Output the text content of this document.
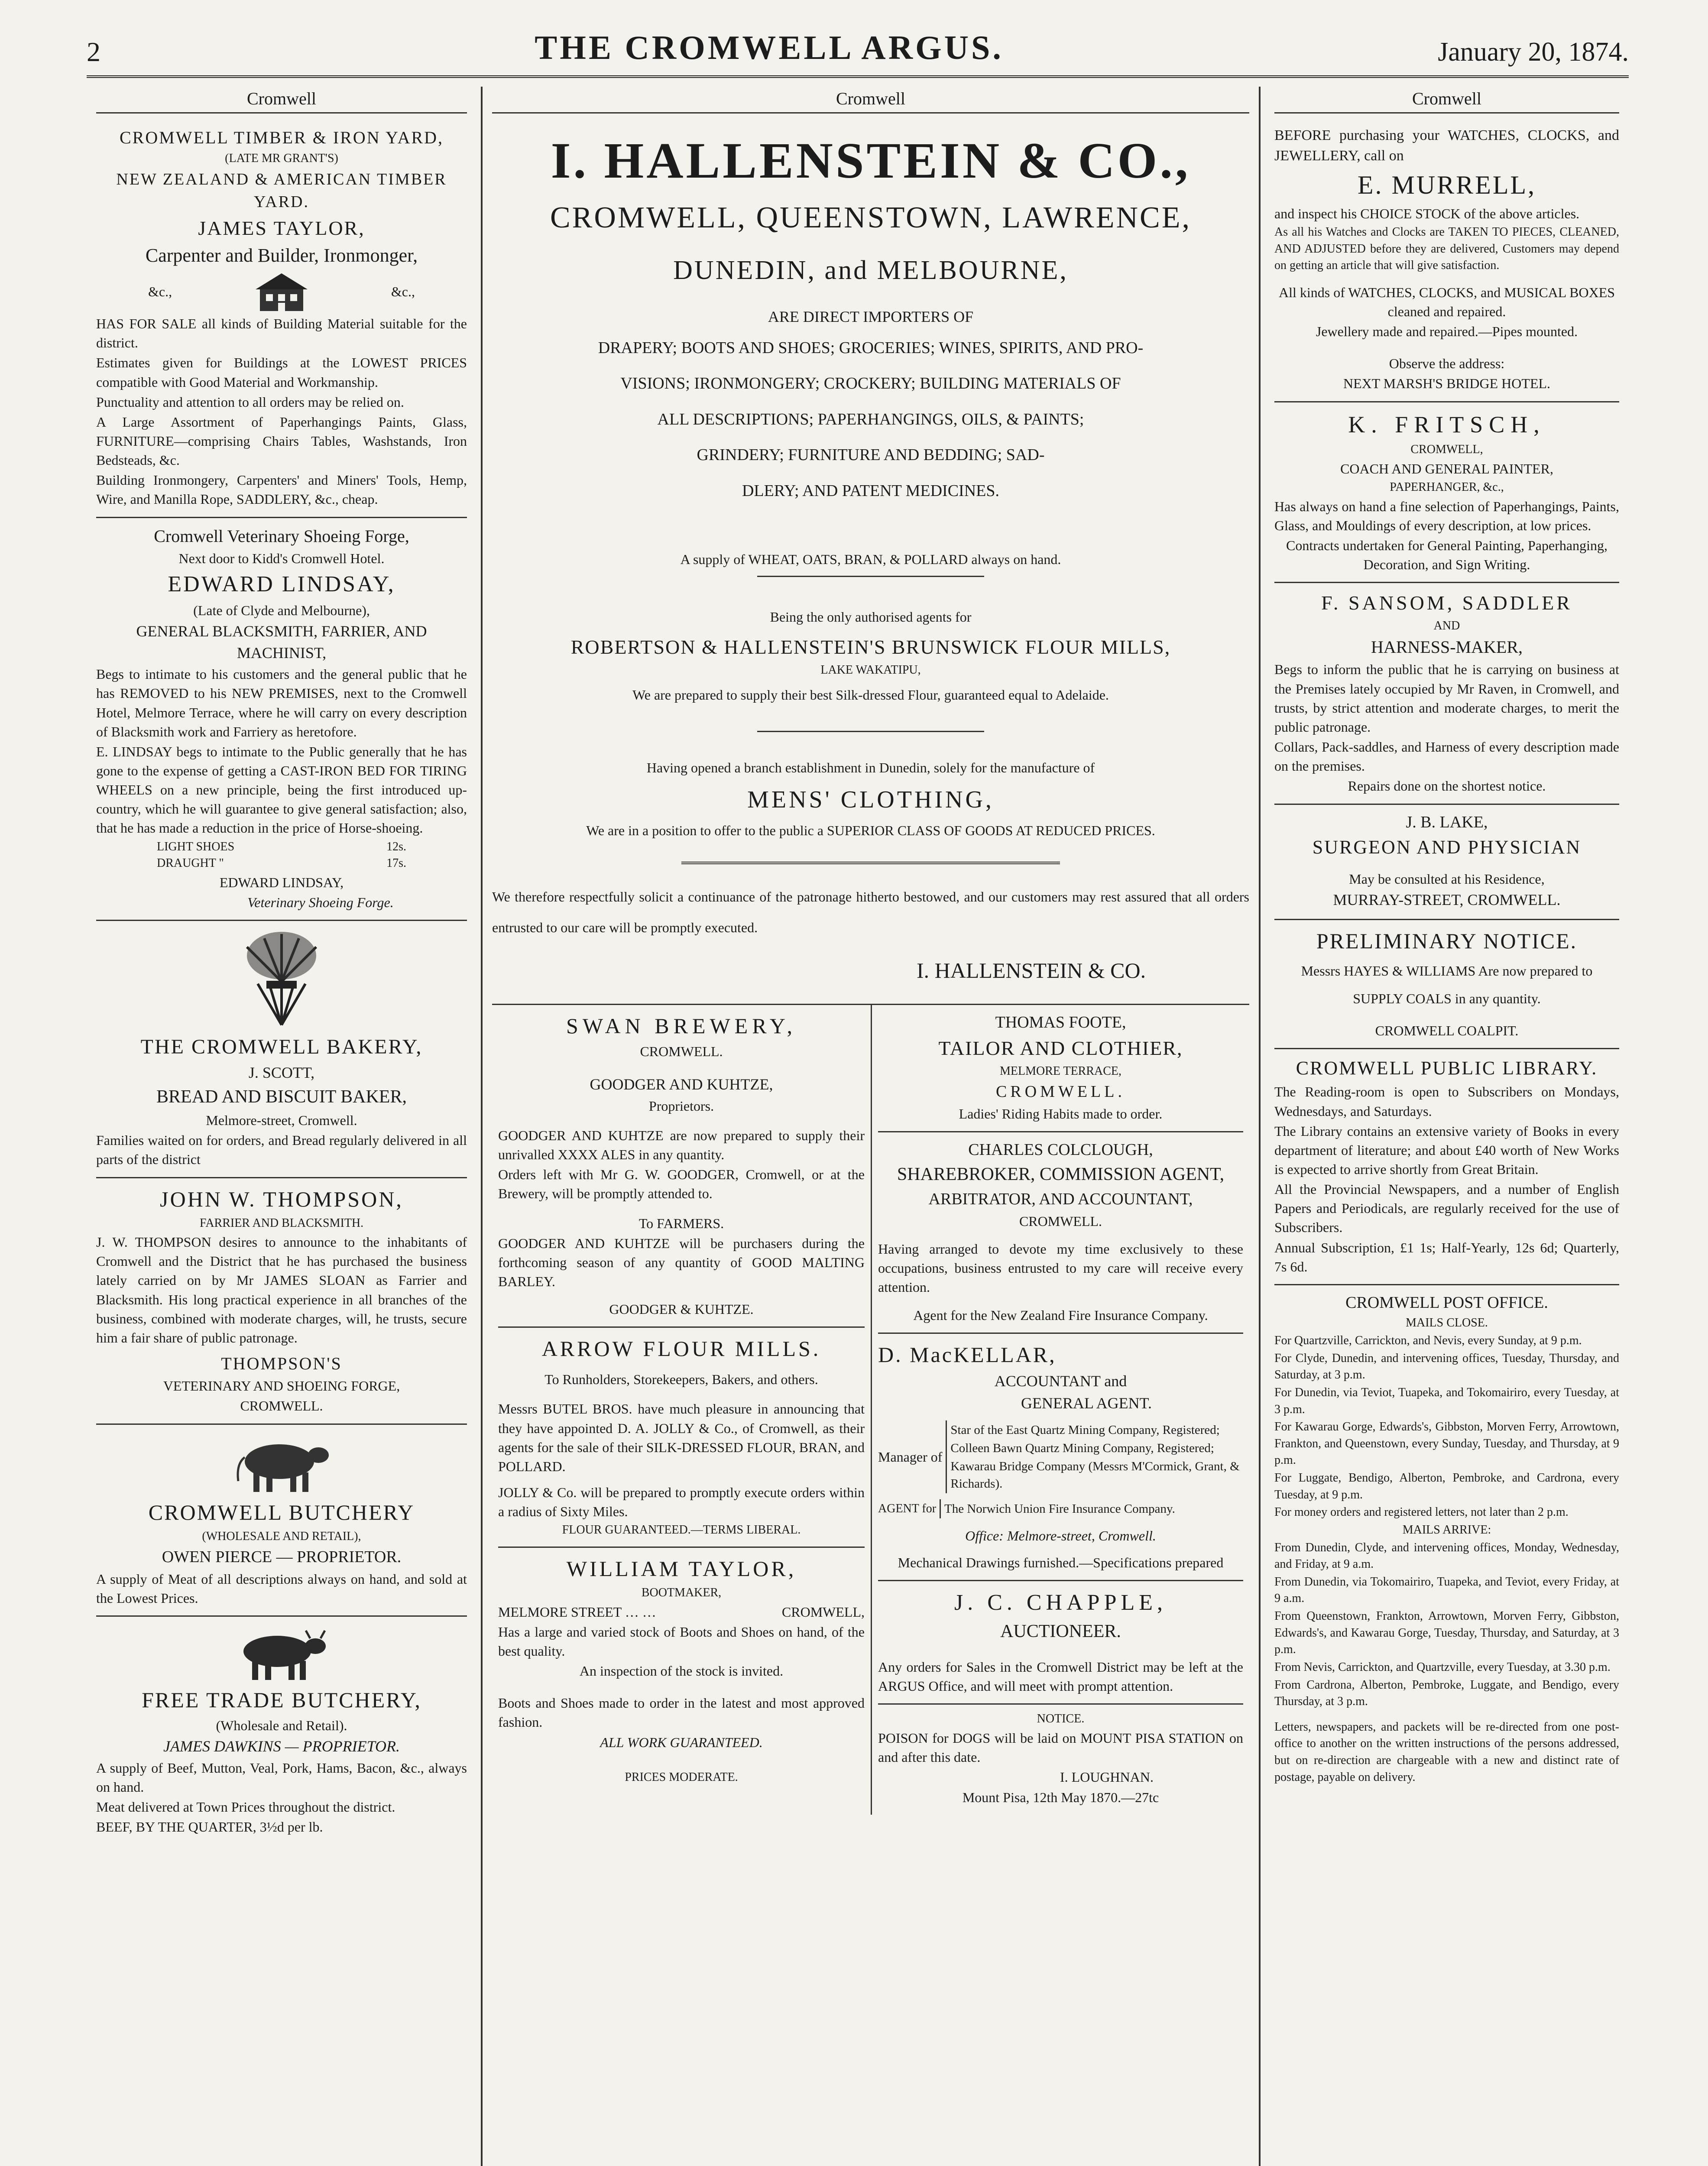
2	THE CROMWELL ARGUS.	January 20, 1874.
Cromwell

CROMWELL TIMBER & IRON YARD,

(LATE MR GRANT'S)

NEW ZEALAND & AMERICAN TIMBER YARD.

JAMES TAYLOR,

Carpenter and Builder, Ironmonger,

&c.,	&c.,

HAS FOR SALE all kinds of Building Material suitable for the district.

Estimates given for Buildings at the LOWEST PRICES compatible with Good Material and Workmanship.

Punctuality and attention to all orders may be relied on.

A Large Assortment of Paperhangings Paints, Glass, FURNITURE—comprising Chairs Tables, Washstands, Iron Bedsteads, &c.

Building Ironmongery, Carpenters' and Miners' Tools, Hemp, Wire, and Manilla Rope, SADDLERY, &c., cheap.

Cromwell Veterinary Shoeing Forge,

Next door to Kidd's Cromwell Hotel.

EDWARD LINDSAY,

(Late of Clyde and Melbourne),

GENERAL BLACKSMITH, FARRIER, AND MACHINIST,

Begs to intimate to his customers and the general public that he has REMOVED to his NEW PREMISES, next to the Cromwell Hotel, Melmore Terrace, where he will carry on every description of Blacksmith work and Farriery as heretofore.

E. LINDSAY begs to intimate to the Public generally that he has gone to the expense of getting a CAST-IRON BED FOR TIRING WHEELS on a new principle, being the first introduced up-country, which he will guarantee to give general satisfaction; also, that he has made a reduction in the price of Horse-shoeing.

LIGHT SHOES	12s.
DRAUGHT "	17s.

EDWARD LINDSAY,

Veterinary Shoeing Forge.

THE CROMWELL BAKERY,

J. SCOTT,

BREAD AND BISCUIT BAKER,

Melmore-street, Cromwell.

Families waited on for orders, and Bread regularly delivered in all parts of the district

JOHN W. THOMPSON,

FARRIER AND BLACKSMITH.

J. W. THOMPSON desires to announce to the inhabitants of Cromwell and the District that he has purchased the business lately carried on by Mr JAMES SLOAN as Farrier and Blacksmith. His long practical experience in all branches of the business, combined with moderate charges, will, he trusts, secure him a fair share of public patronage.

THOMPSON'S

VETERINARY AND SHOEING FORGE,

CROMWELL.

CROMWELL BUTCHERY

(WHOLESALE AND RETAIL),

OWEN PIERCE — PROPRIETOR.

A supply of Meat of all descriptions always on hand, and sold at the Lowest Prices.

FREE TRADE BUTCHERY,

(Wholesale and Retail).

JAMES DAWKINS — PROPRIETOR.

A supply of Beef, Mutton, Veal, Pork, Hams, Bacon, &c., always on hand.

Meat delivered at Town Prices throughout the district.

BEEF, BY THE QUARTER, 3½d per lb.

Cromwell

I. HALLENSTEIN & CO.,

CROMWELL, QUEENSTOWN, LAWRENCE,

DUNEDIN, and MELBOURNE,

ARE DIRECT IMPORTERS OF

DRAPERY; BOOTS AND SHOES; GROCERIES; WINES, SPIRITS, AND PRO-

VISIONS; IRONMONGERY; CROCKERY; BUILDING MATERIALS OF

ALL DESCRIPTIONS; PAPERHANGINGS, OILS, & PAINTS;

GRINDERY; FURNITURE AND BEDDING; SAD-

DLERY; AND PATENT MEDICINES.

A supply of WHEAT, OATS, BRAN, & POLLARD always on hand.

Being the only authorised agents for

ROBERTSON & HALLENSTEIN'S BRUNSWICK FLOUR MILLS,

LAKE WAKATIPU,

We are prepared to supply their best Silk-dressed Flour, guaranteed equal to Adelaide.

Having opened a branch establishment in Dunedin, solely for the manufacture of

MENS' CLOTHING,

We are in a position to offer to the public a SUPERIOR CLASS OF GOODS AT REDUCED PRICES.

We therefore respectfully solicit a continuance of the patronage hitherto bestowed, and our customers may rest assured that all orders entrusted to our care will be promptly executed.

I. HALLENSTEIN & CO.

SWAN BREWERY,

CROMWELL.

GOODGER AND KUHTZE,

Proprietors.

GOODGER AND KUHTZE are now prepared to supply their unrivalled XXXX ALES in any quantity.

Orders left with Mr G. W. GOODGER, Cromwell, or at the Brewery, will be promptly attended to.

To FARMERS.

GOODGER AND KUHTZE will be purchasers during the forthcoming season of any quantity of GOOD MALTING BARLEY.

GOODGER & KUHTZE.

ARROW FLOUR MILLS.

To Runholders, Storekeepers, Bakers, and others.

Messrs BUTEL BROS. have much pleasure in announcing that they have appointed D. A. JOLLY & Co., of Cromwell, as their agents for the sale of their SILK-DRESSED FLOUR, BRAN, and POLLARD.

JOLLY & Co. will be prepared to promptly execute orders within a radius of Sixty Miles.

FLOUR GUARANTEED.—TERMS LIBERAL.

WILLIAM TAYLOR,

BOOTMAKER,

MELMORE STREET … …	CROMWELL,

Has a large and varied stock of Boots and Shoes on hand, of the best quality.

An inspection of the stock is invited.

Boots and Shoes made to order in the latest and most approved fashion.

ALL WORK GUARANTEED.

PRICES MODERATE.

THOMAS FOOTE,

TAILOR AND CLOTHIER,

MELMORE TERRACE,

CROMWELL.

Ladies' Riding Habits made to order.

CHARLES COLCLOUGH,

SHAREBROKER, COMMISSION AGENT,

ARBITRATOR, AND ACCOUNTANT,

CROMWELL.

Having arranged to devote my time exclusively to these occupations, business entrusted to my care will receive every attention.

Agent for the New Zealand Fire Insurance Company.

D. MacKELLAR,

ACCOUNTANT and

GENERAL AGENT.

Manager of

Star of the East Quartz Mining Company, Registered;

Colleen Bawn Quartz Mining Company, Registered;

Kawarau Bridge Company (Messrs M'Cormick, Grant, & Richards).

AGENT for The Norwich Union Fire Insurance Company.

Office: Melmore-street, Cromwell.

Mechanical Drawings furnished.—Specifications prepared

J. C. CHAPPLE,

AUCTIONEER.

Any orders for Sales in the Cromwell District may be left at the ARGUS Office, and will meet with prompt attention.

NOTICE.

POISON for DOGS will be laid on MOUNT PISA STATION on and after this date.

I. LOUGHNAN.

Mount Pisa, 12th May 1870.—27tc

Cromwell

BEFORE purchasing your WATCHES, CLOCKS, and JEWELLERY, call on

E. MURRELL,

and inspect his CHOICE STOCK of the above articles.

As all his Watches and Clocks are TAKEN TO PIECES, CLEANED, AND ADJUSTED before they are delivered, Customers may depend on getting an article that will give satisfaction.

All kinds of WATCHES, CLOCKS, and MUSICAL BOXES cleaned and repaired.

Jewellery made and repaired.—Pipes mounted.

Observe the address:

NEXT MARSH'S BRIDGE HOTEL.

K. FRITSCH,

CROMWELL,

COACH AND GENERAL PAINTER,

PAPERHANGER, &c.,

Has always on hand a fine selection of Paperhangings, Paints, Glass, and Mouldings of every description, at low prices.

Contracts undertaken for General Painting, Paperhanging, Decoration, and Sign Writing.

F. SANSOM, SADDLER

AND

HARNESS-MAKER,

Begs to inform the public that he is carrying on business at the Premises lately occupied by Mr Raven, in Cromwell, and trusts, by strict attention and moderate charges, to merit the public patronage.

Collars, Pack-saddles, and Harness of every description made on the premises.

Repairs done on the shortest notice.

J. B. LAKE,

SURGEON AND PHYSICIAN

May be consulted at his Residence,

MURRAY-STREET, CROMWELL.

PRELIMINARY NOTICE.

Messrs HAYES & WILLIAMS Are now prepared to SUPPLY COALS in any quantity.

CROMWELL COALPIT.

CROMWELL PUBLIC LIBRARY.

The Reading-room is open to Subscribers on Mondays, Wednesdays, and Saturdays.

The Library contains an extensive variety of Books in every department of literature; and about £40 worth of New Works is expected to arrive shortly from Great Britain.

All the Provincial Newspapers, and a number of English Papers and Periodicals, are regularly received for the use of Subscribers.

Annual Subscription, £1 1s; Half-Yearly, 12s 6d; Quarterly, 7s 6d.

CROMWELL POST OFFICE.

MAILS CLOSE.

For Quartzville, Carrickton, and Nevis, every Sunday, at 9 p.m.

For Clyde, Dunedin, and intervening offices, Tuesday, Thursday, and Saturday, at 3 p.m.

For Dunedin, via Teviot, Tuapeka, and Tokomairiro, every Tuesday, at 3 p.m.

For Kawarau Gorge, Edwards's, Gibbston, Morven Ferry, Arrowtown, Frankton, and Queenstown, every Sunday, Tuesday, and Thursday, at 9 p.m.

For Luggate, Bendigo, Alberton, Pembroke, and Cardrona, every Tuesday, at 9 p.m.

For money orders and registered letters, not later than 2 p.m.

MAILS ARRIVE:

From Dunedin, Clyde, and intervening offices, Monday, Wednesday, and Friday, at 9 a.m.

From Dunedin, via Tokomairiro, Tuapeka, and Teviot, every Friday, at 9 a.m.

From Queenstown, Frankton, Arrowtown, Morven Ferry, Gibbston, Edwards's, and Kawarau Gorge, Tuesday, Thursday, and Saturday, at 3 p.m.

From Nevis, Carrickton, and Quartzville, every Tuesday, at 3.30 p.m.

From Cardrona, Alberton, Pembroke, Luggate, and Bendigo, every Thursday, at 3 p.m.

Letters, newspapers, and packets will be re-directed from one post-office to another on the written instructions of the persons addressed, but on re-direction are chargeable with a new and distinct rate of postage, payable on delivery.
